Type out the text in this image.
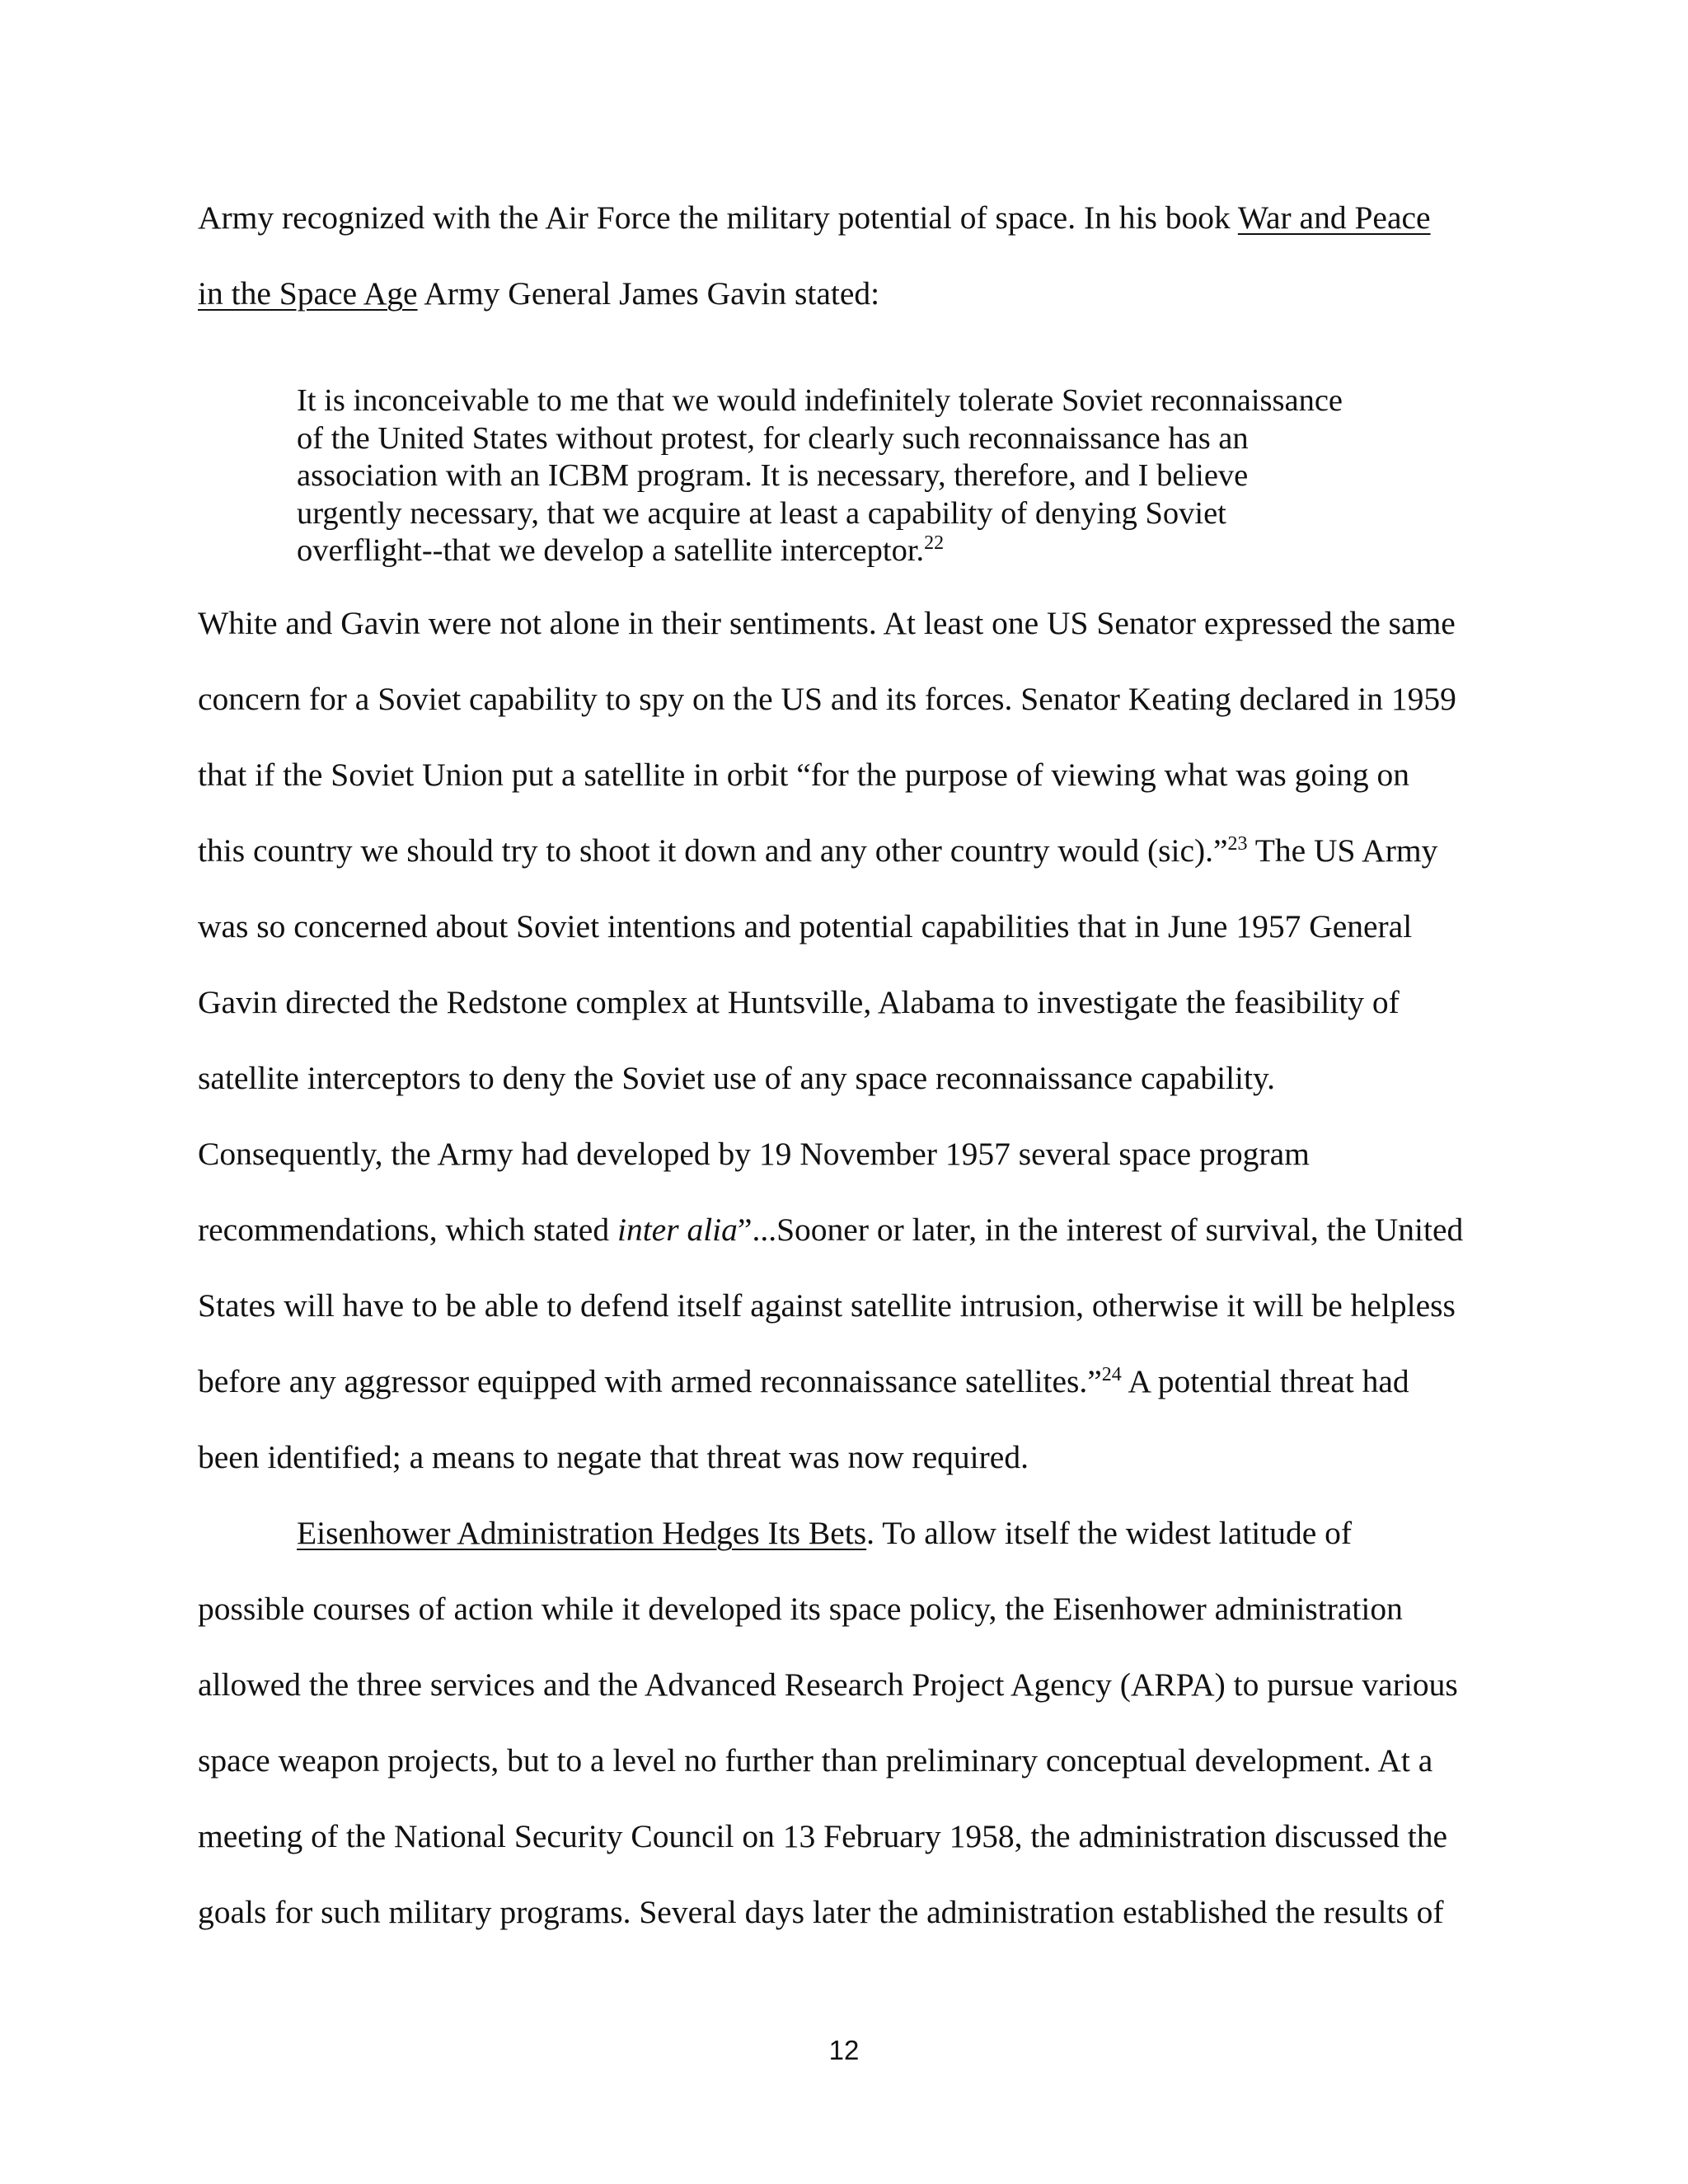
Army recognized with the Air Force the military potential of space. In his book War and Peace
in the Space Age Army General James Gavin stated:
It is inconceivable to me that we would indefinitely tolerate Soviet reconnaissance
of the United States without protest, for clearly such reconnaissance has an
association with an ICBM program. It is necessary, therefore, and I believe
urgently necessary, that we acquire at least a capability of denying Soviet
overflight--that we develop a satellite interceptor.$^{22}$
White and Gavin were not alone in their sentiments. At least one US Senator expressed the same
concern for a Soviet capability to spy on the US and its forces. Senator Keating declared in 1959
that if the Soviet Union put a satellite in orbit “for the purpose of viewing what was going on
this country we should try to shoot it down and any other country would (sic).”$^{23}$ The US Army
was so concerned about Soviet intentions and potential capabilities that in June 1957 General
Gavin directed the Redstone complex at Huntsville, Alabama to investigate the feasibility of
satellite interceptors to deny the Soviet use of any space reconnaissance capability.
Consequently, the Army had developed by 19 November 1957 several space program
recommendations, which stated inter alia”...Sooner or later, in the interest of survival, the United
States will have to be able to defend itself against satellite intrusion, otherwise it will be helpless
before any aggressor equipped with armed reconnaissance satellites.”$^{24}$ A potential threat had
been identified; a means to negate that threat was now required.
Eisenhower Administration Hedges Its Bets. To allow itself the widest latitude of
possible courses of action while it developed its space policy, the Eisenhower administration
allowed the three services and the Advanced Research Project Agency (ARPA) to pursue various
space weapon projects, but to a level no further than preliminary conceptual development. At a
meeting of the National Security Council on 13 February 1958, the administration discussed the
goals for such military programs. Several days later the administration established the results of
12
